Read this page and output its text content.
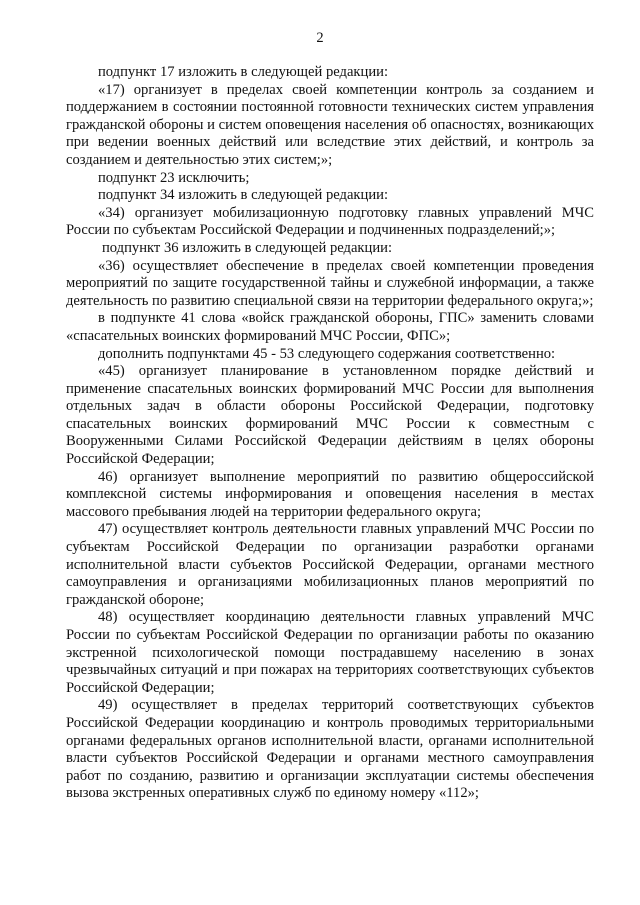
2

подпункт 17 изложить в следующей редакции:

«17) организует в пределах своей компетенции контроль за созданием и поддержанием в состоянии постоянной готовности технических систем управления гражданской обороны и систем оповещения населения об опасностях, возникающих при ведении военных действий или вследствие этих действий, и контроль за созданием и деятельностью этих систем;»;

подпункт 23 исключить;

подпункт 34 изложить в следующей редакции:

«34) организует мобилизационную подготовку главных управлений МЧС России по субъектам Российской Федерации и подчиненных подразделений;»;

подпункт 36 изложить в следующей редакции:

«36) осуществляет обеспечение в пределах своей компетенции проведения мероприятий по защите государственной тайны и служебной информации, а также деятельность по развитию специальной связи на территории федерального округа;»;

в подпункте 41 слова «войск гражданской обороны, ГПС» заменить словами «спасательных воинских формирований МЧС России, ФПС»;

дополнить подпунктами 45 - 53 следующего содержания соответственно:

«45) организует планирование в установленном порядке действий и применение спасательных воинских формирований МЧС России для выполнения отдельных задач в области обороны Российской Федерации, подготовку спасательных воинских формирований МЧС России к совместным с Вооруженными Силами Российской Федерации действиям в целях обороны Российской Федерации;

46) организует выполнение мероприятий по развитию общероссийской комплексной системы информирования и оповещения населения в местах массового пребывания людей на территории федерального округа;

47) осуществляет контроль деятельности главных управлений МЧС России по субъектам Российской Федерации по организации разработки органами исполнительной власти субъектов Российской Федерации, органами местного самоуправления и организациями мобилизационных планов мероприятий по гражданской обороне;

48) осуществляет координацию деятельности главных управлений МЧС России по субъектам Российской Федерации по организации работы по оказанию экстренной психологической помощи пострадавшему населению в зонах чрезвычайных ситуаций и при пожарах на территориях соответствующих субъектов Российской Федерации;

49) осуществляет в пределах территорий соответствующих субъектов Российской Федерации координацию и контроль проводимых территориальными органами федеральных органов исполнительной власти, органами исполнительной власти субъектов Российской Федерации и органами местного самоуправления работ по созданию, развитию и организации эксплуатации системы обеспечения вызова экстренных оперативных служб по единому номеру «112»;
